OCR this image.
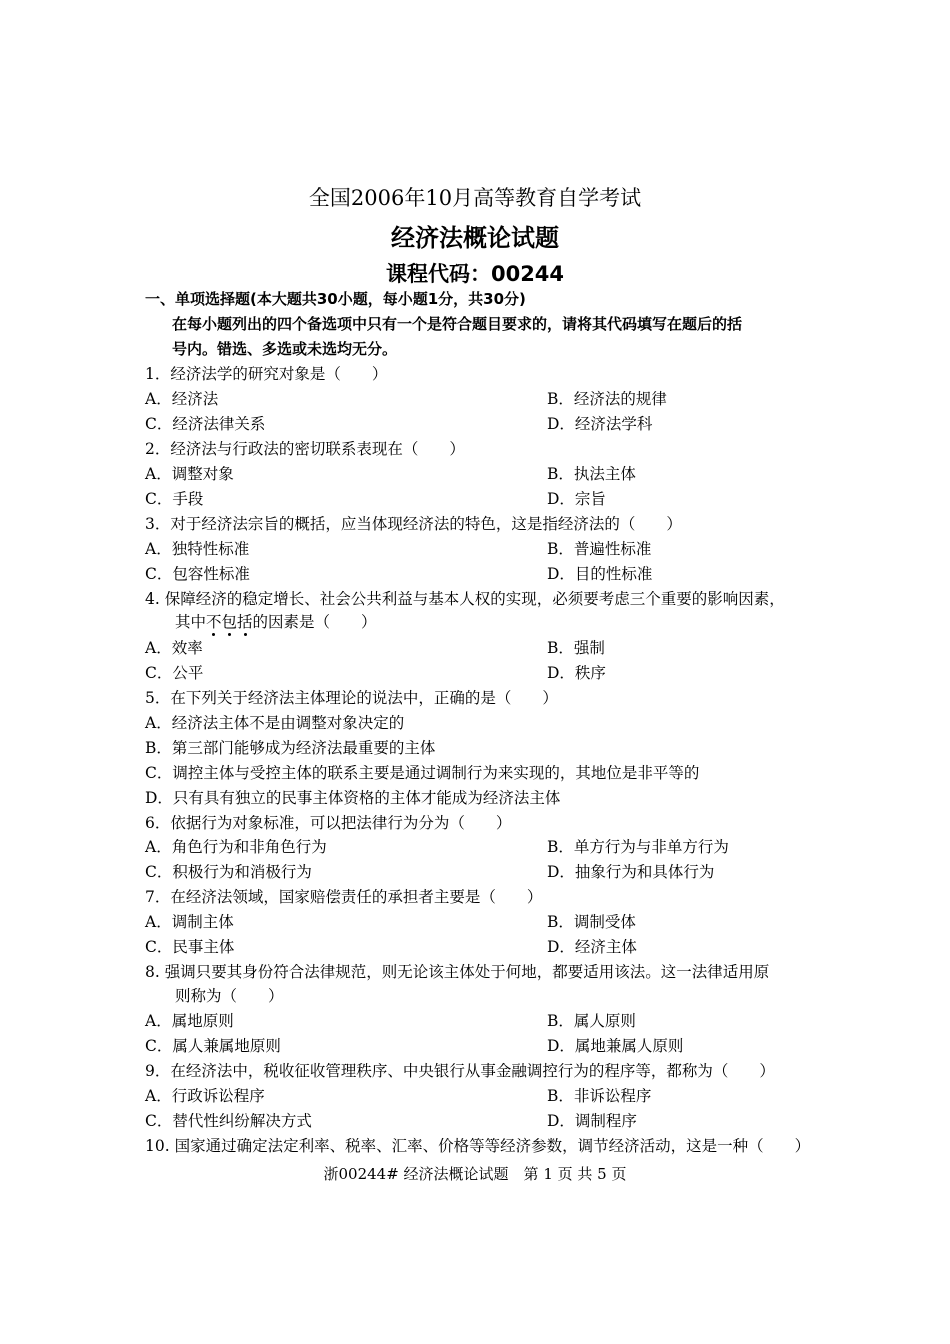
全国2006年10月高等教育自学考试
经济法概论试题
课程代码：00244
一、单项选择题(本大题共30小题，每小题1分，共30分)
在每小题列出的四个备选项中只有一个是符合题目要求的，请将其代码填写在题后的括
号内。错选、多选或未选均无分。
1．经济法学的研究对象是（　　）
A．经济法	B．经济法的规律
C．经济法律关系	D．经济法学科
2．经济法与行政法的密切联系表现在（　　）
A．调整对象	B．执法主体
C．手段	D．宗旨
3．对于经济法宗旨的概括，应当体现经济法的特色，这是指经济法的（　　）
A．独特性标准	B．普遍性标准
C．包容性标准	D．目的性标准
4. 保障经济的稳定增长、社会公共利益与基本人权的实现，必须要考虑三个重要的影响因素，
其中不包括
的因素是（　　）
A．效率	B．强制
C．公平	D．秩序
5．在下列关于经济法主体理论的说法中，正确的是（　　）
A．经济法主体不是由调整对象决定的
B．第三部门能够成为经济法最重要的主体
C．调控主体与受控主体的联系主要是通过调制行为来实现的，其地位是非平等的
D．只有具有独立的民事主体资格的主体才能成为经济法主体
6．依据行为对象标准，可以把法律行为分为（　　）
A．角色行为和非角色行为	B．单方行为与非单方行为
C．积极行为和消极行为	D．抽象行为和具体行为
7．在经济法领域，国家赔偿责任的承担者主要是（　　）
A．调制主体	B．调制受体
C．民事主体	D．经济主体
8. 强调只要其身份符合法律规范，则无论该主体处于何地，都要适用该法。这一法律适用原
则称为（　　）
A．属地原则	B．属人原则
C．属人兼属地原则	D．属地兼属人原则
9．在经济法中，税收征收管理秩序、中央银行从事金融调控行为的程序等，都称为（　　）
A．行政诉讼程序	B．非诉讼程序
C．替代性纠纷解决方式	D．调制程序
10. 国家通过确定法定利率、税率、汇率、价格等等经济参数，调节经济活动，这是一种（　　）
浙00244# 经济法概论试题　第 1 页 共 5 页
